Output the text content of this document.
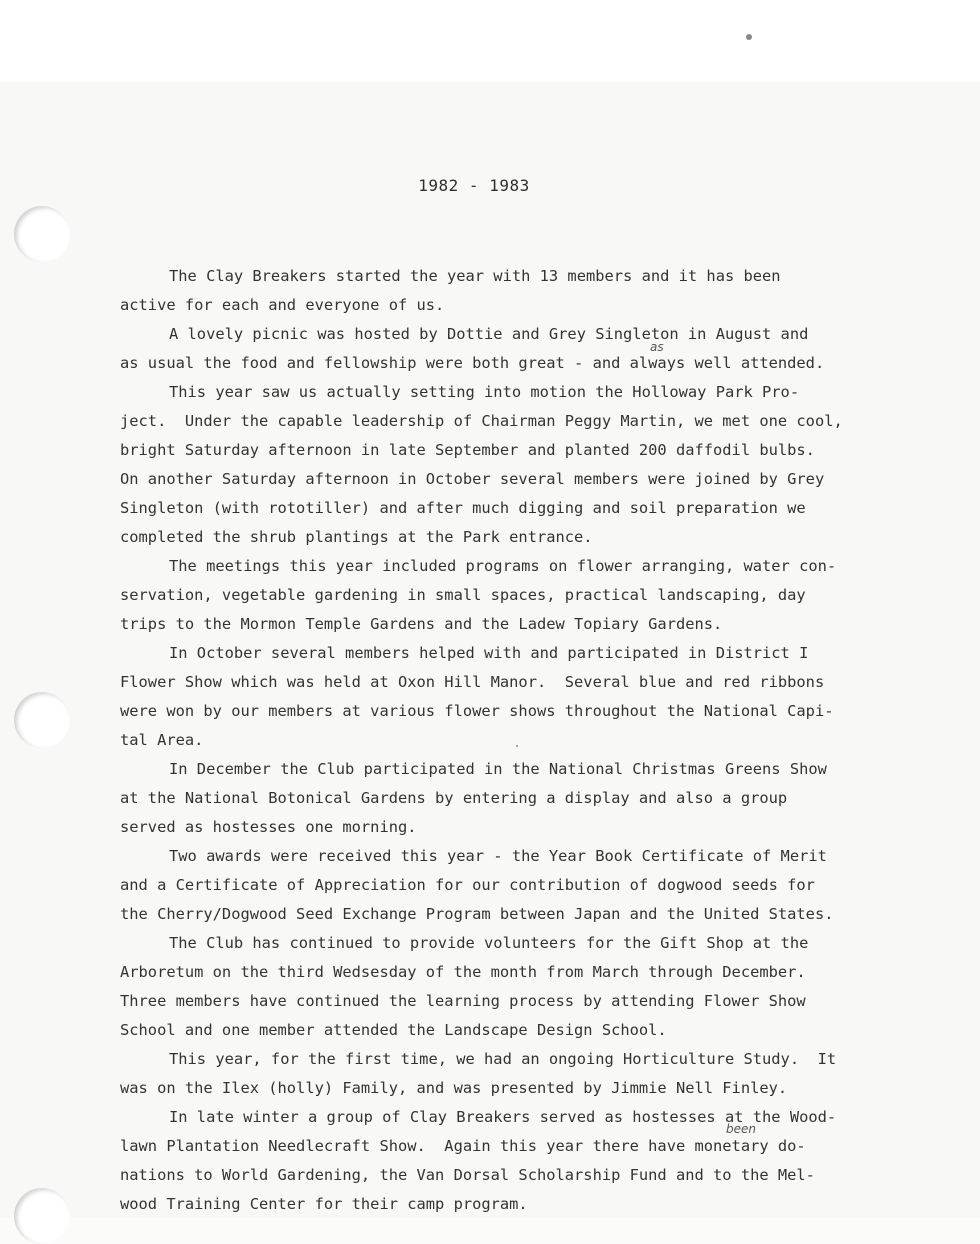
1982 - 1983
The Clay Breakers started the year with 13 members and it has been
active for each and everyone of us.
A lovely picnic was hosted by Dottie and Grey Singleton in August and
as usual the food and fellowship were both great - and always well attended.
This year saw us actually setting into motion the Holloway Park Pro-
ject.  Under the capable leadership of Chairman Peggy Martin, we met one cool,
bright Saturday afternoon in late September and planted 200 daffodil bulbs.
On another Saturday afternoon in October several members were joined by Grey
Singleton (with rototiller) and after much digging and soil preparation we
completed the shrub plantings at the Park entrance.
The meetings this year included programs on flower arranging, water con-
servation, vegetable gardening in small spaces, practical landscaping, day
trips to the Mormon Temple Gardens and the Ladew Topiary Gardens.
In October several members helped with and participated in District I
Flower Show which was held at Oxon Hill Manor.  Several blue and red ribbons
were won by our members at various flower shows throughout the National Capi-
tal Area.
In December the Club participated in the National Christmas Greens Show
at the National Botonical Gardens by entering a display and also a group
served as hostesses one morning.
Two awards were received this year - the Year Book Certificate of Merit
and a Certificate of Appreciation for our contribution of dogwood seeds for
the Cherry/Dogwood Seed Exchange Program between Japan and the United States.
The Club has continued to provide volunteers for the Gift Shop at the
Arboretum on the third Wedsesday of the month from March through December.
Three members have continued the learning process by attending Flower Show
School and one member attended the Landscape Design School.
This year, for the first time, we had an ongoing Horticulture Study.  It
was on the Ilex (holly) Family, and was presented by Jimmie Nell Finley.
In late winter a group of Clay Breakers served as hostesses at the Wood-
lawn Plantation Needlecraft Show.  Again this year there have monetary do-
nations to World Gardening, the Van Dorsal Scholarship Fund and to the Mel-
wood Training Center for their camp program.
as
been
